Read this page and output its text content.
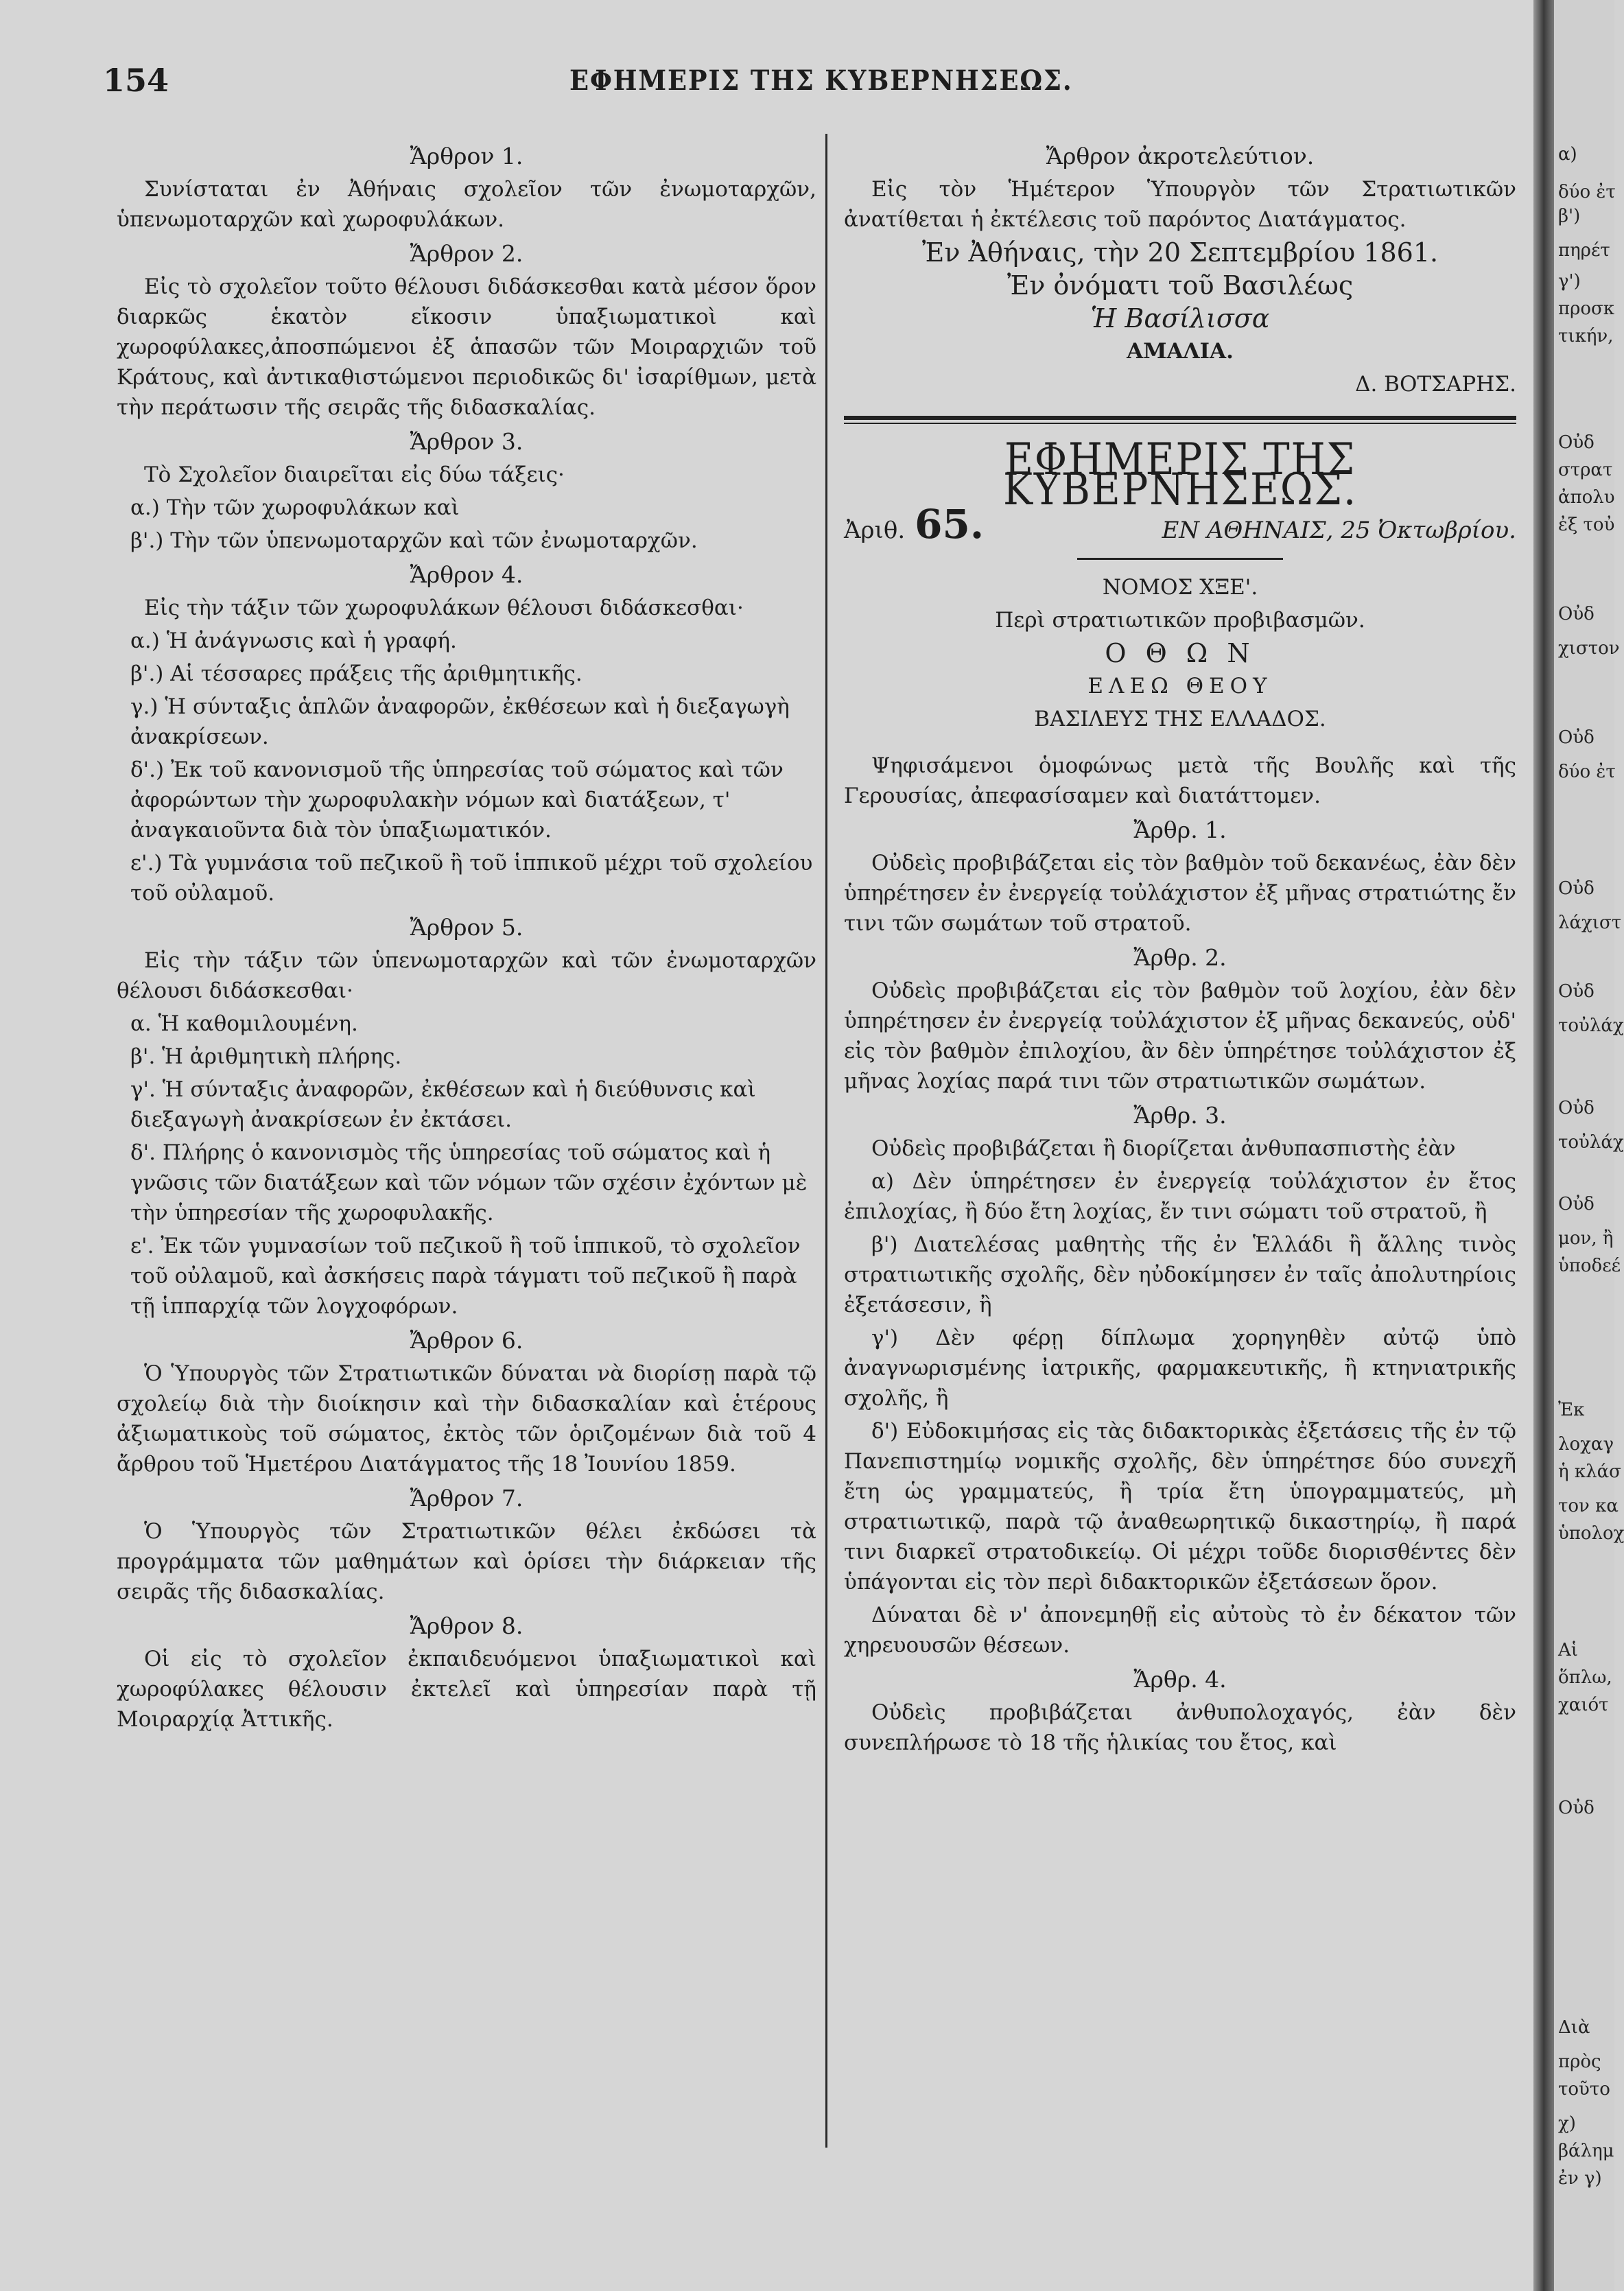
154	ΕΦΗΜΕΡΙΣ ΤΗΣ ΚΥΒΕΡΝΗΣΕΩΣ.

Ἄρθρον 1.

Συνίσταται ἐν Ἀθήναις σχολεῖον τῶν ἐνωμοταρχῶν, ὑπενωμοταρχῶν καὶ χωροφυλάκων.

Ἄρθρον 2.

Εἰς τὸ σχολεῖον τοῦτο θέλουσι διδάσκεσθαι κατὰ μέσον ὅρον διαρκῶς ἑκατὸν εἴκοσιν ὑπαξιωματικοὶ καὶ χωροφύλακες,ἀποσπώμενοι ἐξ ἁπασῶν τῶν Μοιραρχιῶν τοῦ Κράτους, καὶ ἀντικαθιστώμενοι περιοδικῶς δι' ἰσαρίθμων, μετὰ τὴν περάτωσιν τῆς σειρᾶς τῆς διδασκαλίας.

Ἄρθρον 3.

Τὸ Σχολεῖον διαιρεῖται εἰς δύω τάξεις·

α.) Τὴν τῶν χωροφυλάκων καὶ

β'.) Τὴν τῶν ὑπενωμοταρχῶν καὶ τῶν ἐνωμοταρχῶν.

Ἄρθρον 4.

Εἰς τὴν τάξιν τῶν χωροφυλάκων θέλουσι διδάσκεσθαι·

α.) Ἡ ἀνάγνωσις καὶ ἡ γραφή.

β'.) Αἱ τέσσαρες πράξεις τῆς ἀριθμητικῆς.

γ.) Ἡ σύνταξις ἁπλῶν ἀναφορῶν, ἐκθέσεων καὶ ἡ διεξαγωγὴ ἀνακρίσεων.

δ'.) Ἐκ τοῦ κανονισμοῦ τῆς ὑπηρεσίας τοῦ σώματος καὶ τῶν ἀφορώντων τὴν χωροφυλακὴν νόμων καὶ διατάξεων, τ' ἀναγκαιοῦντα διὰ τὸν ὑπαξιωματικόν.

ε'.) Τὰ γυμνάσια τοῦ πεζικοῦ ἢ τοῦ ἱππικοῦ μέχρι τοῦ σχολείου τοῦ οὐλαμοῦ.

Ἄρθρον 5.

Εἰς τὴν τάξιν τῶν ὑπενωμοταρχῶν καὶ τῶν ἐνωμοταρχῶν θέλουσι διδάσκεσθαι·

α. Ἡ καθομιλουμένη.

β'. Ἡ ἀριθμητικὴ πλήρης.

γ'. Ἡ σύνταξις ἀναφορῶν, ἐκθέσεων καὶ ἡ διεύθυνσις καὶ διεξαγωγὴ ἀνακρίσεων ἐν ἐκτάσει.

δ'. Πλήρης ὁ κανονισμὸς τῆς ὑπηρεσίας τοῦ σώματος καὶ ἡ γνῶσις τῶν διατάξεων καὶ τῶν νόμων τῶν σχέσιν ἐχόντων μὲ τὴν ὑπηρεσίαν τῆς χωροφυλακῆς.

ε'. Ἐκ τῶν γυμνασίων τοῦ πεζικοῦ ἢ τοῦ ἱππικοῦ, τὸ σχολεῖον τοῦ οὐλαμοῦ, καὶ ἀσκήσεις παρὰ τάγματι τοῦ πεζικοῦ ἢ παρὰ τῇ ἱππαρχίᾳ τῶν λογχοφόρων.

Ἄρθρον 6.

Ὁ Ὑπουργὸς τῶν Στρατιωτικῶν δύναται νὰ διορίσῃ παρὰ τῷ σχολείῳ διὰ τὴν διοίκησιν καὶ τὴν διδασκαλίαν καὶ ἑτέρους ἀξιωματικοὺς τοῦ σώματος, ἐκτὸς τῶν ὁριζομένων διὰ τοῦ 4 ἄρθρου τοῦ Ἡμετέρου Διατάγματος τῆς 18 Ἰουνίου 1859.

Ἄρθρον 7.

Ὁ Ὑπουργὸς τῶν Στρατιωτικῶν θέλει ἐκδώσει τὰ προγράμματα τῶν μαθημάτων καὶ ὁρίσει τὴν διάρκειαν τῆς σειρᾶς τῆς διδασκαλίας.

Ἄρθρον 8.

Οἱ εἰς τὸ σχολεῖον ἐκπαιδευόμενοι ὑπαξιωματικοὶ καὶ χωροφύλακες θέλουσιν ἐκτελεῖ καὶ ὑπηρεσίαν παρὰ τῇ Μοιραρχίᾳ Ἀττικῆς.

Ἄρθρον ἀκροτελεύτιον.

Εἰς τὸν Ἡμέτερον Ὑπουργὸν τῶν Στρατιωτικῶν ἀνατίθεται ἡ ἐκτέλεσις τοῦ παρόντος Διατάγματος.

Ἐν Ἀθήναις, τὴν 20 Σεπτεμβρίου 1861.

Ἐν ὀνόματι τοῦ Βασιλέως

Ἡ Βασίλισσα

ΑΜΑΛΙΑ.

Δ. ΒΟΤΣΑΡΗΣ.

ΕΦΗΜΕΡΙΣ ΤΗΣ ΚΥΒΕΡΝΗΣΕΩΣ.
Ἀριθ. 65.	ΕΝ ΑΘΗΝΑΙΣ, 25 Ὀκτωβρίου.

ΝΟΜΟΣ ΧΞΕ'.

Περὶ στρατιωτικῶν προβιβασμῶν.

Ο Θ Ω Ν

ΕΛΕΩ ΘΕΟΥ

ΒΑΣΙΛΕΥΣ ΤΗΣ ΕΛΛΑΔΟΣ.

Ψηφισάμενοι ὁμοφώνως μετὰ τῆς Βουλῆς καὶ τῆς Γερουσίας, ἀπεφασίσαμεν καὶ διατάττομεν.

Ἄρθρ. 1.

Οὐδεὶς προβιβάζεται εἰς τὸν βαθμὸν τοῦ δεκανέως, ἐὰν δὲν ὑπηρέτησεν ἐν ἐνεργείᾳ τοὐλάχιστον ἐξ μῆνας στρατιώτης ἔν τινι τῶν σωμάτων τοῦ στρατοῦ.

Ἄρθρ. 2.

Οὐδεὶς προβιβάζεται εἰς τὸν βαθμὸν τοῦ λοχίου, ἐὰν δὲν ὑπηρέτησεν ἐν ἐνεργείᾳ τοὐλάχιστον ἐξ μῆνας δεκανεύς, οὐδ' εἰς τὸν βαθμὸν ἐπιλοχίου, ἂν δὲν ὑπηρέτησε τοὐλάχιστον ἐξ μῆνας λοχίας παρά τινι τῶν στρατιωτικῶν σωμάτων.

Ἄρθρ. 3.

Οὐδεὶς προβιβάζεται ἢ διορίζεται ἀνθυπασπιστὴς ἐὰν

α) Δὲν ὑπηρέτησεν ἐν ἐνεργείᾳ τοὐλάχιστον ἐν ἔτος ἐπιλοχίας, ἢ δύο ἔτη λοχίας, ἔν τινι σώματι τοῦ στρατοῦ, ἢ

β') Διατελέσας μαθητὴς τῆς ἐν Ἑλλάδι ἢ ἄλλης τινὸς στρατιωτικῆς σχολῆς, δὲν ηὐδοκίμησεν ἐν ταῖς ἀπολυτηρίοις ἐξετάσεσιν, ἢ

γ') Δὲν φέρῃ δίπλωμα χορηγηθὲν αὐτῷ ὑπὸ ἀναγνωρισμένης ἰατρικῆς, φαρμακευτικῆς, ἢ κτηνιατρικῆς σχολῆς, ἢ

δ') Εὐδοκιμήσας εἰς τὰς διδακτορικὰς ἐξετάσεις τῆς ἐν τῷ Πανεπιστημίῳ νομικῆς σχολῆς, δὲν ὑπηρέτησε δύο συνεχῆ ἔτη ὡς γραμματεύς, ἢ τρία ἔτη ὑπογραμματεύς, μὴ στρατιωτικῷ, παρὰ τῷ ἀναθεωρητικῷ δικαστηρίῳ, ἢ παρά τινι διαρκεῖ στρατοδικείῳ. Οἱ μέχρι τοῦδε διορισθέντες δὲν ὑπάγονται εἰς τὸν περὶ διδακτορικῶν ἐξετάσεων ὅρον.

Δύναται δὲ ν' ἀπονεμηθῇ εἰς αὐτοὺς τὸ ἐν δέκατον τῶν χηρευουσῶν θέσεων.

Ἄρθρ. 4.

Οὐδεὶς προβιβάζεται ἀνθυπολοχαγός, ἐὰν δὲν συνεπλήρωσε τὸ 18 τῆς ἡλικίας του ἔτος, καὶ

α)
δύο ἐτ
β')
πηρέτ
γ')
προσκ
τικήν,
Οὐδ
στρατ
ἀπολυ
ἐξ τοὐ
Οὐδ
χιστον
Οὐδ
δύο ἐτ
Οὐδ
λάχιστ
Οὐδ
τοὐλάχ
Οὐδ
τοὐλάχ
Οὐδ
μον, ἢ
ὑποδεέ
Ἐκ
λοχαγ
ἡ κλάσ
τον κα
ὑπολοχ
Αἱ
ὅπλω,
χαιότ
Οὐδ
Διὰ
πρὸς
τοῦτο
χ)
βάλημ
ἐν γ)
